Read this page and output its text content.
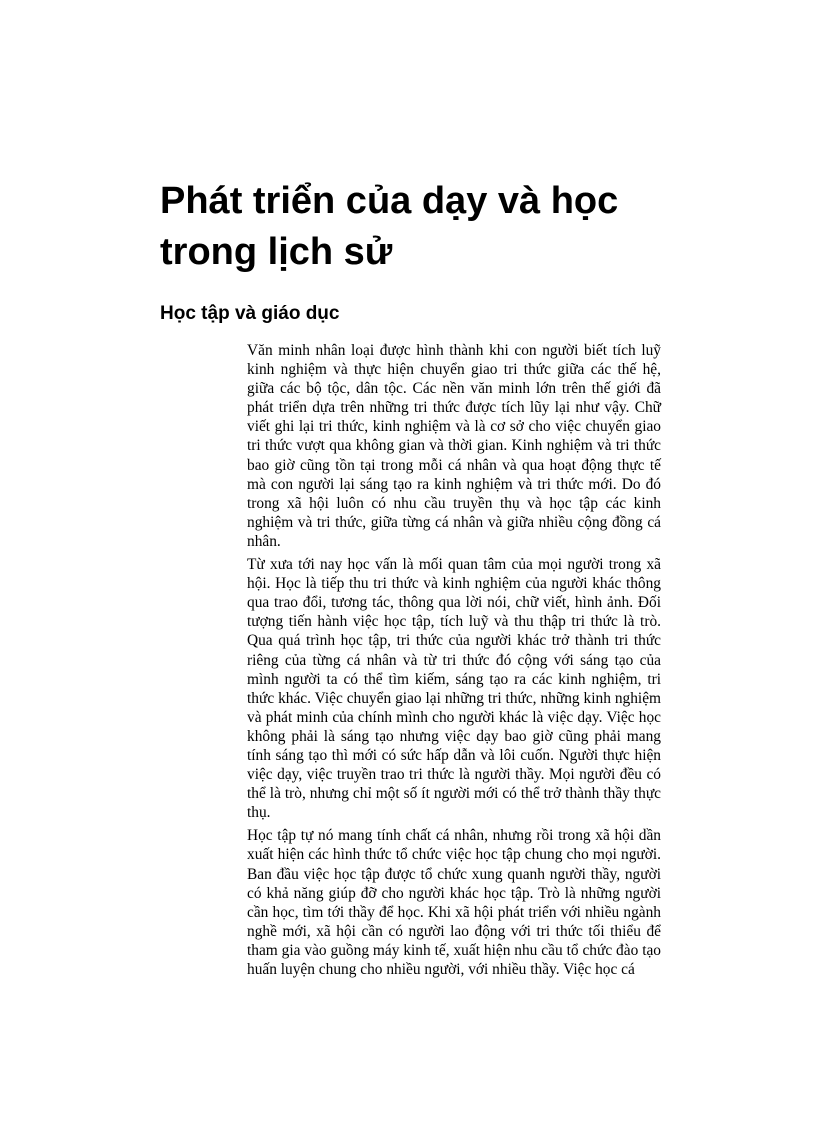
Phát triển của dạy và học
trong lịch sử
Học tập và giáo dục

Văn minh nhân loại được hình thành khi con người biết tích luỹ kinh nghiệm và thực hiện chuyển giao tri thức giữa các thế hệ, giữa các bộ tộc, dân tộc. Các nền văn minh lớn trên thế giới đã phát triển dựa trên những tri thức được tích lũy lại như vậy. Chữ viết ghi lại tri thức, kinh nghiệm và là cơ sở cho việc chuyển giao tri thức vượt qua không gian và thời gian. Kinh nghiệm và tri thức bao giờ cũng tồn tại trong mỗi cá nhân và qua hoạt động thực tế mà con người lại sáng tạo ra kinh nghiệm và tri thức mới. Do đó trong xã hội luôn có nhu cầu truyền thụ và học tập các kinh nghiệm và tri thức, giữa từng cá nhân và giữa nhiều cộng đồng cá nhân.

Từ xưa tới nay học vấn là mối quan tâm của mọi người trong xã hội. Học là tiếp thu tri thức và kinh nghiệm của người khác thông qua trao đổi, tương tác, thông qua lời nói, chữ viết, hình ảnh. Đối tượng tiến hành việc học tập, tích luỹ và thu thập tri thức là trò. Qua quá trình học tập, tri thức của người khác trở thành tri thức riêng của từng cá nhân và từ tri thức đó cộng với sáng tạo của mình người ta có thể tìm kiếm, sáng tạo ra các kinh nghiệm, tri thức khác. Việc chuyển giao lại những tri thức, những kinh nghiệm và phát minh của chính mình cho người khác là việc dạy. Việc học không phải là sáng tạo nhưng việc dạy bao giờ cũng phải mang tính sáng tạo thì mới có sức hấp dẫn và lôi cuốn. Người thực hiện việc dạy, việc truyền trao tri thức là người thầy. Mọi người đều có thể là trò, nhưng chỉ một số ít người mới có thể trở thành thầy thực thụ.

Học tập tự nó mang tính chất cá nhân, nhưng rồi trong xã hội dần xuất hiện các hình thức tổ chức việc học tập chung cho mọi người. Ban đầu việc học tập được tổ chức xung quanh người thầy, người có khả năng giúp đỡ cho người khác học tập. Trò là những người cần học, tìm tới thầy để học. Khi xã hội phát triển với nhiều ngành nghề mới, xã hội cần có người lao động với tri thức tối thiểu để tham gia vào guồng máy kinh tế, xuất hiện nhu cầu tổ chức đào tạo huấn luyện chung cho nhiều người, với nhiều thầy. Việc học cá
